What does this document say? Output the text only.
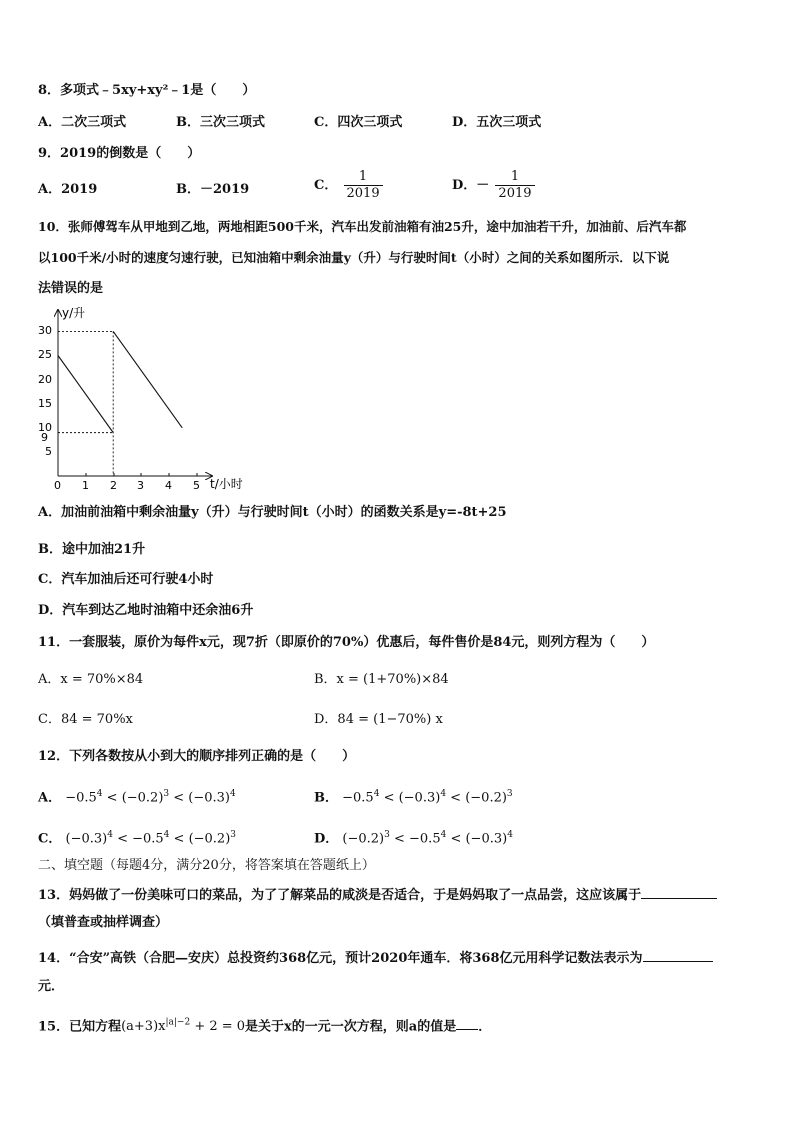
8．多项式﹣5xy+xy²﹣1是（　　）
A．二次三项式	B．三次三项式	C．四次三项式	D．五次三项式
9．2019的倒数是（　　）
A．2019	B．－2019	C． $\frac{1}{2019}$	D．－ $\frac{1}{2019}$
10．张师傅驾车从甲地到乙地，两地相距500千米，汽车出发前油箱有油25升，途中加油若干升，加油前、后汽车都
以100千米/小时的速度匀速行驶，已知油箱中剩余油量y（升）与行驶时间t（小时）之间的关系如图所示．以下说
法错误的是
y/升
t/小时
30
25
20
15
10
9
5
0 1 2 3 4 5
A．加油前油箱中剩余油量y（升）与行驶时间t（小时）的函数关系是y=-8t+25
B．途中加油21升
C．汽车加油后还可行驶4小时
D．汽车到达乙地时油箱中还余油6升
11．一套服装，原价为每件x元，现7折（即原价的70%）优惠后，每件售价是84元，则列方程为（　　）
A．x = 70%×84	B．x = (1+70%)×84
C．84 = 70%x	D．84 = (1−70%) x
12．下列各数按从小到大的顺序排列正确的是（　　）
A． $-0.5^4 < (-0.2)^3 < (-0.3)^4$	B． $-0.5^4 < (-0.3)^4 < (-0.2)^3$
C． $(-0.3)^4 < -0.5^4 < (-0.2)^3$	D． $(-0.2)^3 < -0.5^4 < (-0.3)^4$
二、填空题（每题4分，满分20分，将答案填在答题纸上）
13．妈妈做了一份美味可口的菜品，为了了解菜品的咸淡是否适合，于是妈妈取了一点品尝，这应该属于
（填普查或抽样调查）
14．“合安”高铁（合肥—安庆）总投资约368亿元，预计2020年通车．将368亿元用科学记数法表示为
元．
15．已知方程$(a+3)x^{|a|-2} + 2 = 0$是关于x的一元一次方程，则a的值是 ．
